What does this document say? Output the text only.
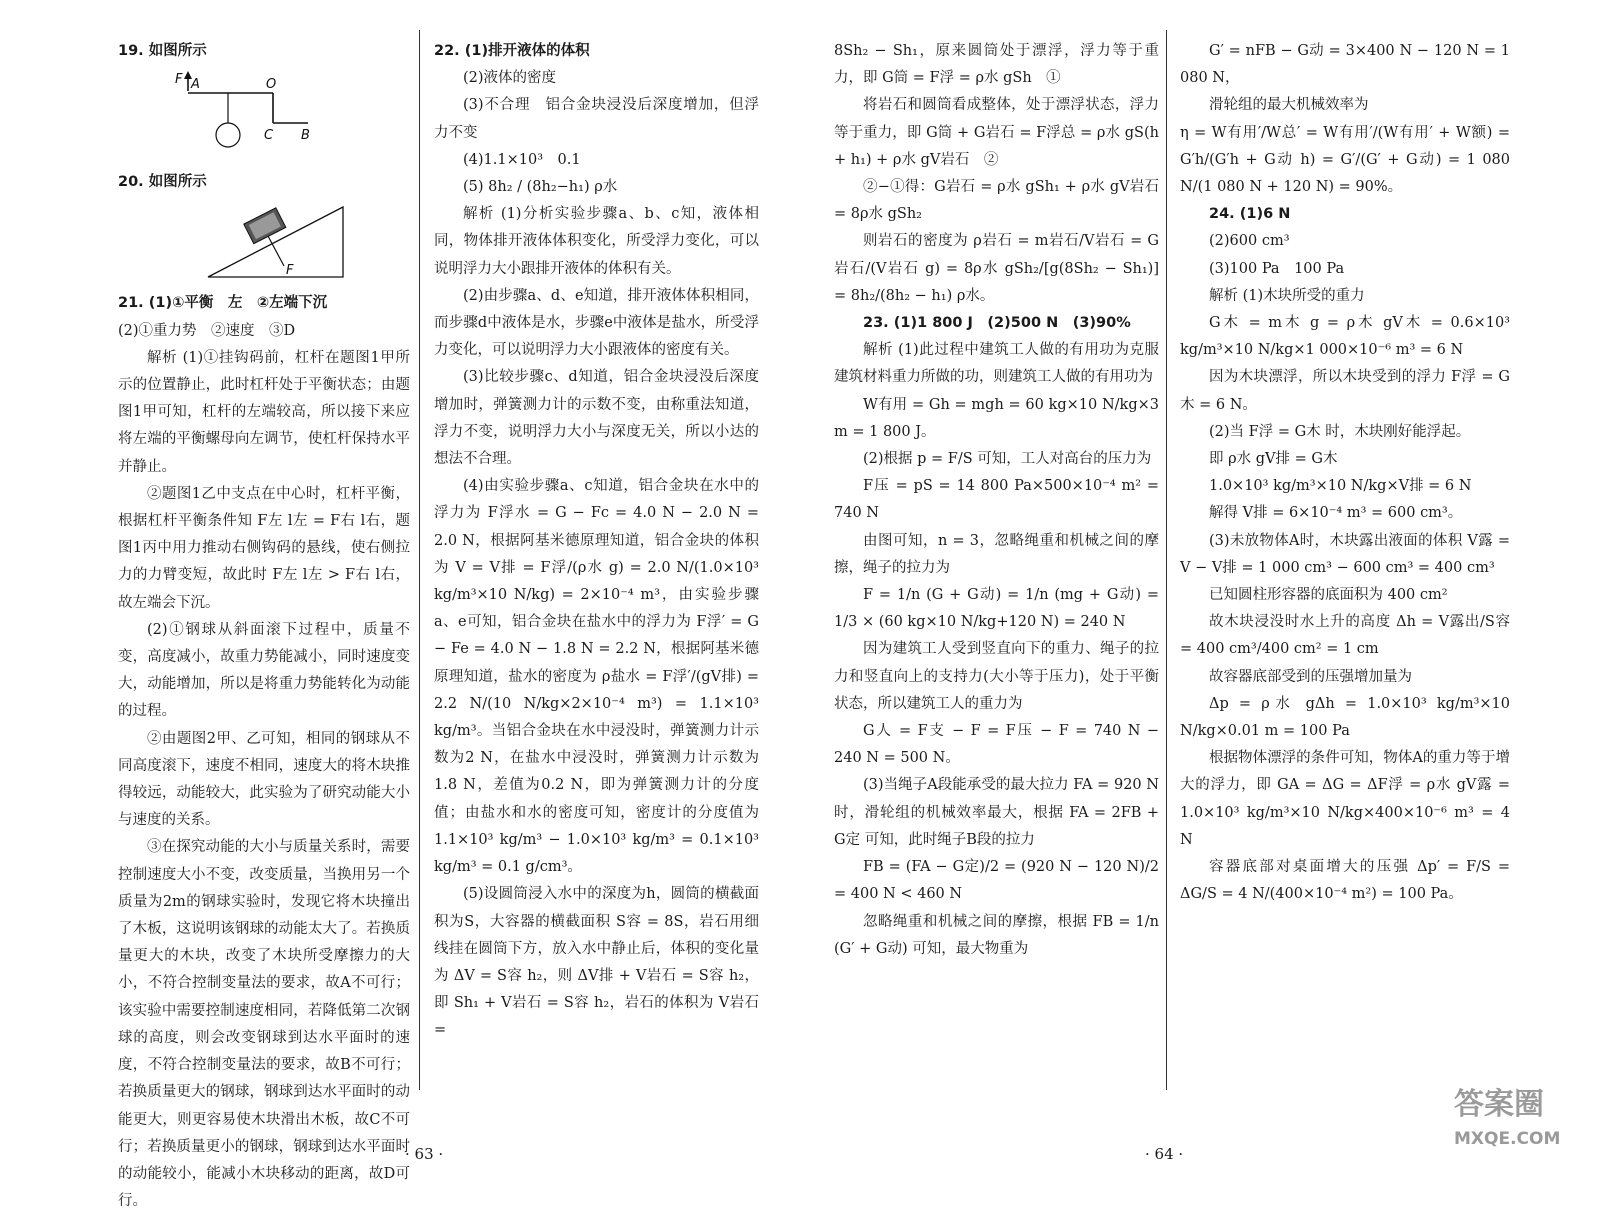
19. 如图所示

F A	O
C B

20. 如图所示

F

21. (1)①平衡　左　②左端下沉

(2)①重力势　②速度　③D

解析 (1)①挂钩码前，杠杆在题图1甲所示的位置静止，此时杠杆处于平衡状态；由题图1甲可知，杠杆的左端较高，所以接下来应将左端的平衡螺母向左调节，使杠杆保持水平并静止。

②题图1乙中支点在中心时，杠杆平衡，根据杠杆平衡条件知 F左 l左 = F右 l右，题图1丙中用力推动右侧钩码的悬线，使右侧拉力的力臂变短，故此时 F左 l左 > F右 l右，故左端会下沉。

(2)①钢球从斜面滚下过程中，质量不变，高度减小，故重力势能减小，同时速度变大，动能增加，所以是将重力势能转化为动能的过程。

②由题图2甲、乙可知，相同的钢球从不同高度滚下，速度不相同，速度大的将木块推得较远，动能较大，此实验为了研究动能大小与速度的关系。

③在探究动能的大小与质量关系时，需要控制速度大小不变，改变质量，当换用另一个质量为2m的钢球实验时，发现它将木块撞出了木板，这说明该钢球的动能太大了。若换质量更大的木块，改变了木块所受摩擦力的大小，不符合控制变量法的要求，故A不可行；该实验中需要控制速度相同，若降低第二次钢球的高度，则会改变钢球到达水平面时的速度，不符合控制变量法的要求，故B不可行；若换质量更大的钢球，钢球到达水平面时的动能更大，则更容易使木块滑出木板，故C不可行；若换质量更小的钢球，钢球到达水平面时的动能较小，能减小木块移动的距离，故D可行。

22. (1)排开液体的体积

(2)液体的密度

(3)不合理　铝合金块浸没后深度增加，但浮力不变

(4)1.1×10³　0.1

(5) 8h₂ / (8h₂−h₁) ρ水

解析 (1)分析实验步骤a、b、c知，液体相同，物体排开液体体积变化，所受浮力变化，可以说明浮力大小跟排开液体的体积有关。

(2)由步骤a、d、e知道，排开液体体积相同，而步骤d中液体是水，步骤e中液体是盐水，所受浮力变化，可以说明浮力大小跟液体的密度有关。

(3)比较步骤c、d知道，铝合金块浸没后深度增加时，弹簧测力计的示数不变，由称重法知道，浮力不变，说明浮力大小与深度无关，所以小达的想法不合理。

(4)由实验步骤a、c知道，铝合金块在水中的浮力为 F浮水 = G − Fc = 4.0 N − 2.0 N = 2.0 N，根据阿基米德原理知道，铝合金块的体积为 V = V排 = F浮/(ρ水 g) = 2.0 N/(1.0×10³ kg/m³×10 N/kg) = 2×10⁻⁴ m³，由实验步骤a、e可知，铝合金块在盐水中的浮力为 F浮′ = G − Fe = 4.0 N − 1.8 N = 2.2 N，根据阿基米德原理知道，盐水的密度为 ρ盐水 = F浮′/(gV排) = 2.2 N/(10 N/kg×2×10⁻⁴ m³) = 1.1×10³ kg/m³。当铝合金块在水中浸没时，弹簧测力计示数为2 N，在盐水中浸没时，弹簧测力计示数为1.8 N，差值为0.2 N，即为弹簧测力计的分度值；由盐水和水的密度可知，密度计的分度值为 1.1×10³ kg/m³ − 1.0×10³ kg/m³ = 0.1×10³ kg/m³ = 0.1 g/cm³。

(5)设圆筒浸入水中的深度为h，圆筒的横截面积为S，大容器的横截面积 S容 = 8S，岩石用细线挂在圆筒下方，放入水中静止后，体积的变化量为 ΔV = S容 h₂，则 ΔV排 + V岩石 = S容 h₂，即 Sh₁ + V岩石 = S容 h₂，岩石的体积为 V岩石 =

8Sh₂ − Sh₁，原来圆筒处于漂浮，浮力等于重力，即 G筒 = F浮 = ρ水 gSh　①

将岩石和圆筒看成整体，处于漂浮状态，浮力等于重力，即 G筒 + G岩石 = F浮总 = ρ水 gS(h + h₁) + ρ水 gV岩石　②

②−①得：G岩石 = ρ水 gSh₁ + ρ水 gV岩石 = 8ρ水 gSh₂

则岩石的密度为 ρ岩石 = m岩石/V岩石 = G岩石/(V岩石 g) = 8ρ水 gSh₂/[g(8Sh₂ − Sh₁)] = 8h₂/(8h₂ − h₁) ρ水。

23. (1)1 800 J　(2)500 N　(3)90%

解析 (1)此过程中建筑工人做的有用功为克服建筑材料重力所做的功，则建筑工人做的有用功为

W有用 = Gh = mgh = 60 kg×10 N/kg×3 m = 1 800 J。

(2)根据 p = F/S 可知，工人对高台的压力为

F压 = pS = 14 800 Pa×500×10⁻⁴ m² = 740 N

由图可知，n = 3，忽略绳重和机械之间的摩擦，绳子的拉力为

F = 1/n (G + G动) = 1/n (mg + G动) = 1/3 × (60 kg×10 N/kg+120 N) = 240 N

因为建筑工人受到竖直向下的重力、绳子的拉力和竖直向上的支持力(大小等于压力)，处于平衡状态，所以建筑工人的重力为

G人 = F支 − F = F压 − F = 740 N − 240 N = 500 N。

(3)当绳子A段能承受的最大拉力 FA = 920 N时，滑轮组的机械效率最大，根据 FA = 2FB + G定 可知，此时绳子B段的拉力

FB = (FA − G定)/2 = (920 N − 120 N)/2 = 400 N < 460 N

忽略绳重和机械之间的摩擦，根据 FB = 1/n (G′ + G动) 可知，最大物重为

G′ = nFB − G动 = 3×400 N − 120 N = 1 080 N，

滑轮组的最大机械效率为

η = W有用′/W总′ = W有用′/(W有用′ + W额) = G′h/(G′h + G动 h) = G′/(G′ + G动) = 1 080 N/(1 080 N + 120 N) = 90%。

24. (1)6 N

(2)600 cm³

(3)100 Pa　100 Pa

解析 (1)木块所受的重力

G木 = m木 g = ρ木 gV木 = 0.6×10³ kg/m³×10 N/kg×1 000×10⁻⁶ m³ = 6 N

因为木块漂浮，所以木块受到的浮力 F浮 = G木 = 6 N。

(2)当 F浮 = G木 时，木块刚好能浮起。

即 ρ水 gV排 = G木

1.0×10³ kg/m³×10 N/kg×V排 = 6 N

解得 V排 = 6×10⁻⁴ m³ = 600 cm³。

(3)未放物体A时，木块露出液面的体积 V露 = V − V排 = 1 000 cm³ − 600 cm³ = 400 cm³

已知圆柱形容器的底面积为 400 cm²

故木块浸没时水上升的高度 Δh = V露出/S容 = 400 cm³/400 cm² = 1 cm

故容器底部受到的压强增加量为

Δp = ρ水 gΔh = 1.0×10³ kg/m³×10 N/kg×0.01 m = 100 Pa

根据物体漂浮的条件可知，物体A的重力等于增大的浮力，即 GA = ΔG = ΔF浮 = ρ水 gV露 = 1.0×10³ kg/m³×10 N/kg×400×10⁻⁶ m³ = 4 N

容器底部对桌面增大的压强 Δp′ = F/S = ΔG/S = 4 N/(400×10⁻⁴ m²) = 100 Pa。

· 63 ·	· 64 ·
答案圈
MXQE.COM
